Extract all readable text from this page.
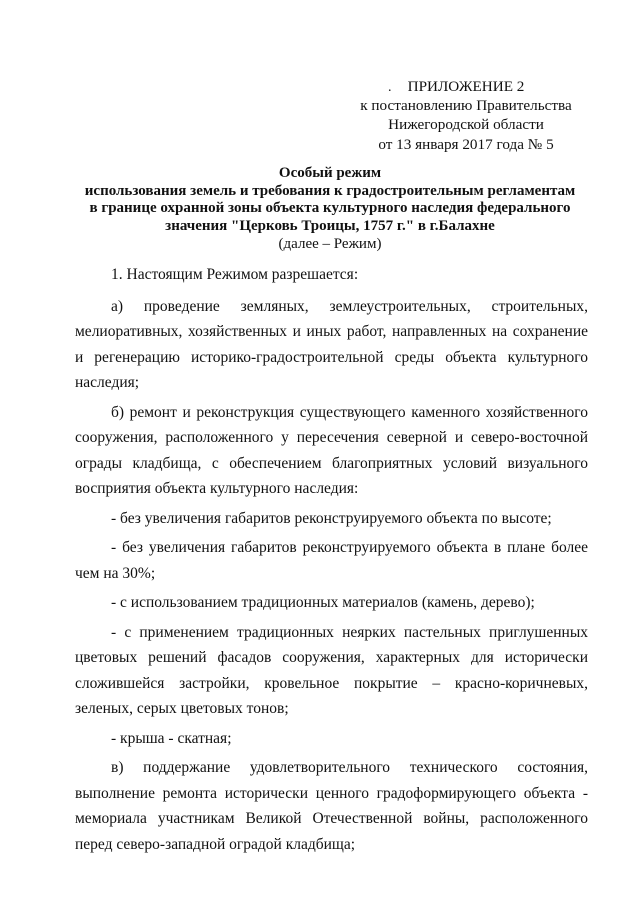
.	ПРИЛОЖЕНИЕ 2
к постановлению Правительства
Нижегородской области
от 13 января 2017 года № 5
Особый режим
использования земель и требования к градостроительным регламентам
в границе охранной зоны объекта культурного наследия федерального
значения "Церковь Троицы, 1757 г." в г.Балахне
(далее – Режим)

1. Настоящим Режимом разрешается:

а) проведение земляных, землеустроительных, строительных, мелиоративных, хозяйственных и иных работ, направленных на сохранение и регенерацию историко-градостроительной среды объекта культурного наследия;

б) ремонт и реконструкция существующего каменного хозяйственного сооружения, расположенного у пересечения северной и северо-восточной ограды кладбища, с обеспечением благоприятных условий визуального восприятия объекта культурного наследия:

- без увеличения габаритов реконструируемого объекта по высоте;

- без увеличения габаритов реконструируемого объекта в плане более чем на 30%;

- с использованием традиционных материалов (камень, дерево);

- с применением традиционных неярких пастельных приглушенных цветовых решений фасадов сооружения, характерных для исторически сложившейся застройки, кровельное покрытие – красно-коричневых, зеленых, серых цветовых тонов;

- крыша - скатная;

в) поддержание удовлетворительного технического состояния, выполнение ремонта исторически ценного градоформирующего объекта - мемориала участникам Великой Отечественной войны, расположенного перед северо-западной оградой кладбища;
